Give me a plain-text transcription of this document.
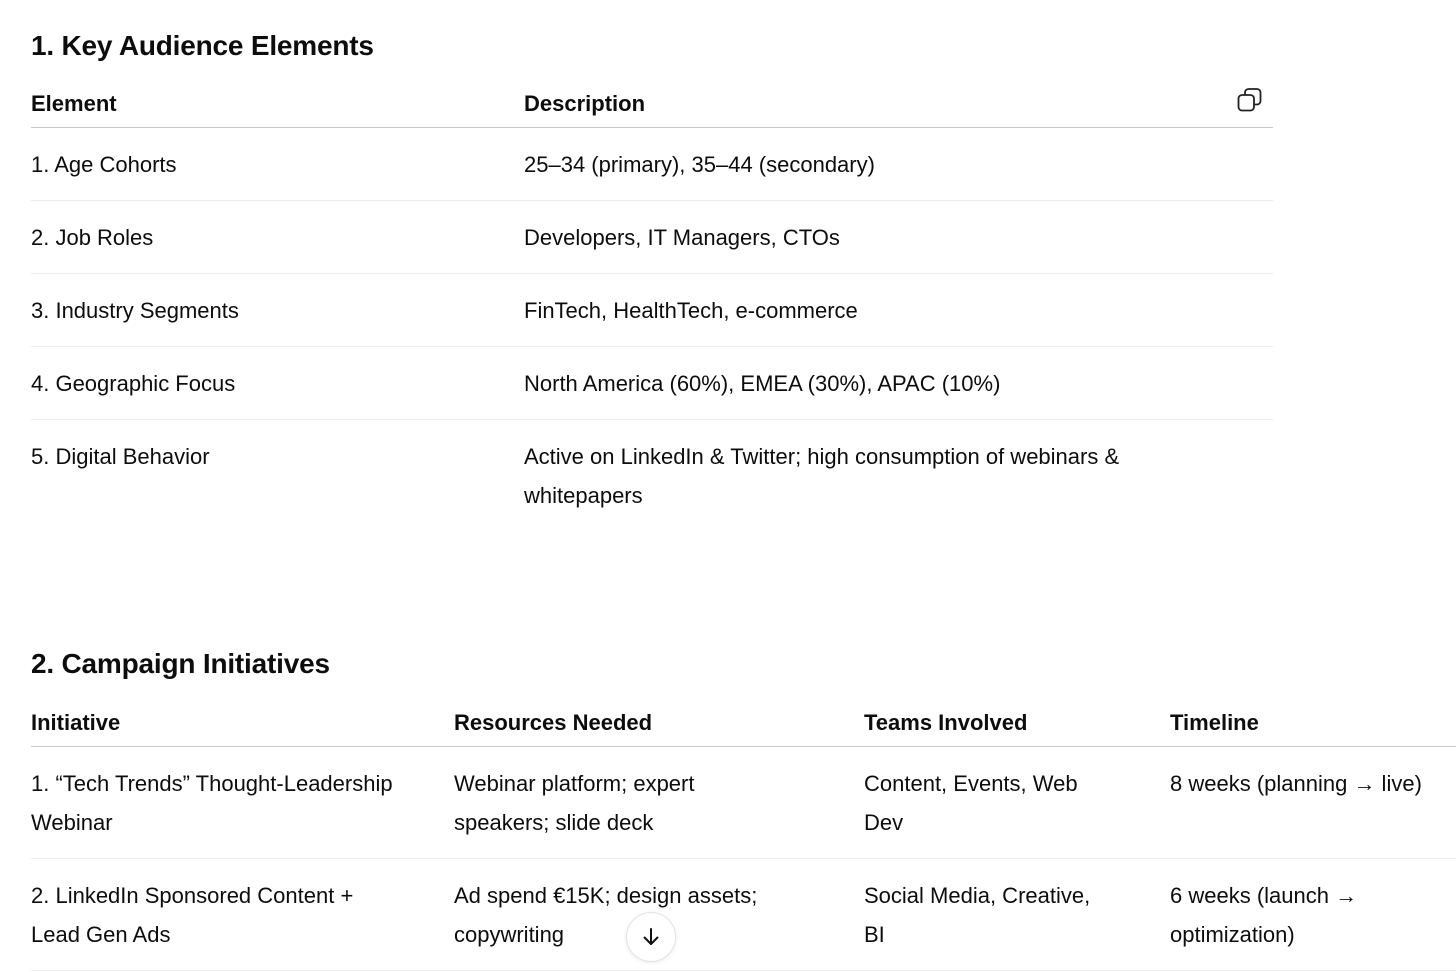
1. Key Audience Elements
Element	Description
1. Age Cohorts	25–34 (primary), 35–44 (secondary)
2. Job Roles	Developers, IT Managers, CTOs
3. Industry Segments	FinTech, HealthTech, e-commerce
4. Geographic Focus	North America (60%), EMEA (30%), APAC (10%)
5. Digital Behavior	Active on LinkedIn & Twitter; high consumption of webinars & whitepapers
2. Campaign Initiatives
Initiative	Resources Needed	Teams Involved	Timeline

1. “Tech Trends” Thought-Leadership Webinar	Webinar platform; expert speakers; slide deck	Content, Events, Web Dev	8 weeks (planning → live)

2. LinkedIn Sponsored Content + Lead Gen Ads	Ad spend €15K; design assets; copywriting	Social Media, Creative, BI	6 weeks (launch → optimization)
